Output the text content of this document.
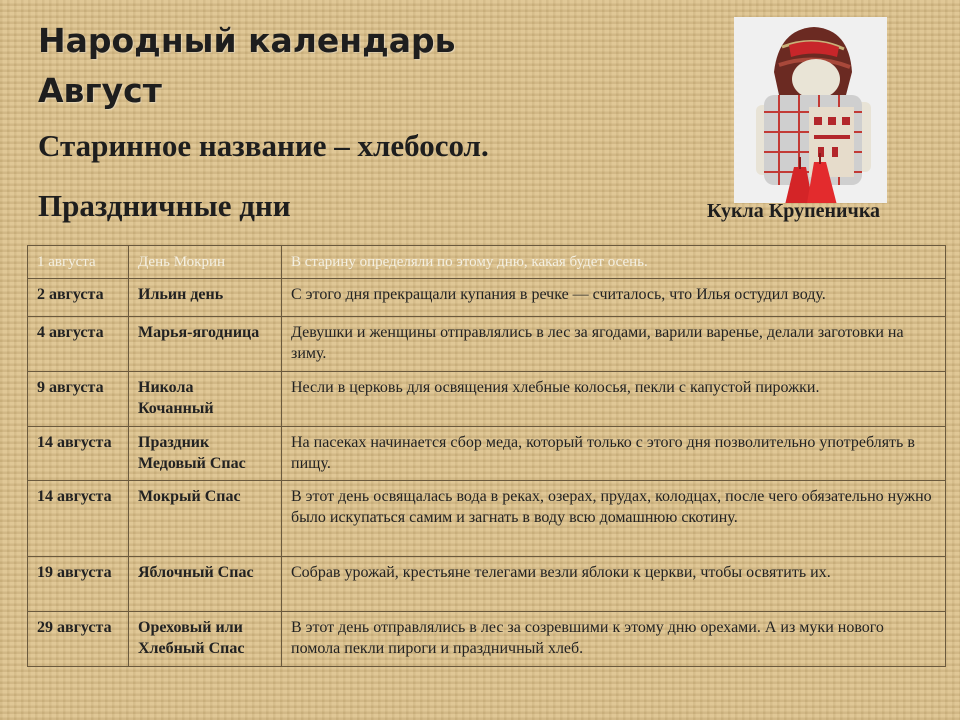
Народный календарь
Август
Старинное название – хлебосол.
Праздничные дни	Кукла Крупеничка
1 августа	День Мокрин	В старину определяли по этому дню, какая будет осень.
2 августа	Ильин день	С этого дня прекращали купания в речке — считалось, что Илья остудил воду.
4 августа	Марья-ягодница	Девушки и женщины отправлялись в лес за ягодами, варили варенье, делали заготовки на зиму.
9 августа	Никола Кочанный	Несли в церковь для освящения хлебные колосья, пекли с капустой пирожки.
14 августа	Праздник Медовый Спас	На пасеках начинается сбор меда, который только с этого дня позволительно употреблять в пищу.
14 августа	Мокрый Спас	В этот день освящалась вода в реках, озерах, прудах, колодцах, после чего обязательно нужно было искупаться самим и загнать в воду всю домашнюю скотину.
19 августа	Яблочный Спас	Собрав урожай, крестьяне телегами везли яблоки к церкви, чтобы освятить их.
29 августа	Ореховый или Хлебный Спас	В этот день отправлялись в лес за созревшими к этому дню орехами. А из муки нового помола пекли пироги и праздничный хлеб.
